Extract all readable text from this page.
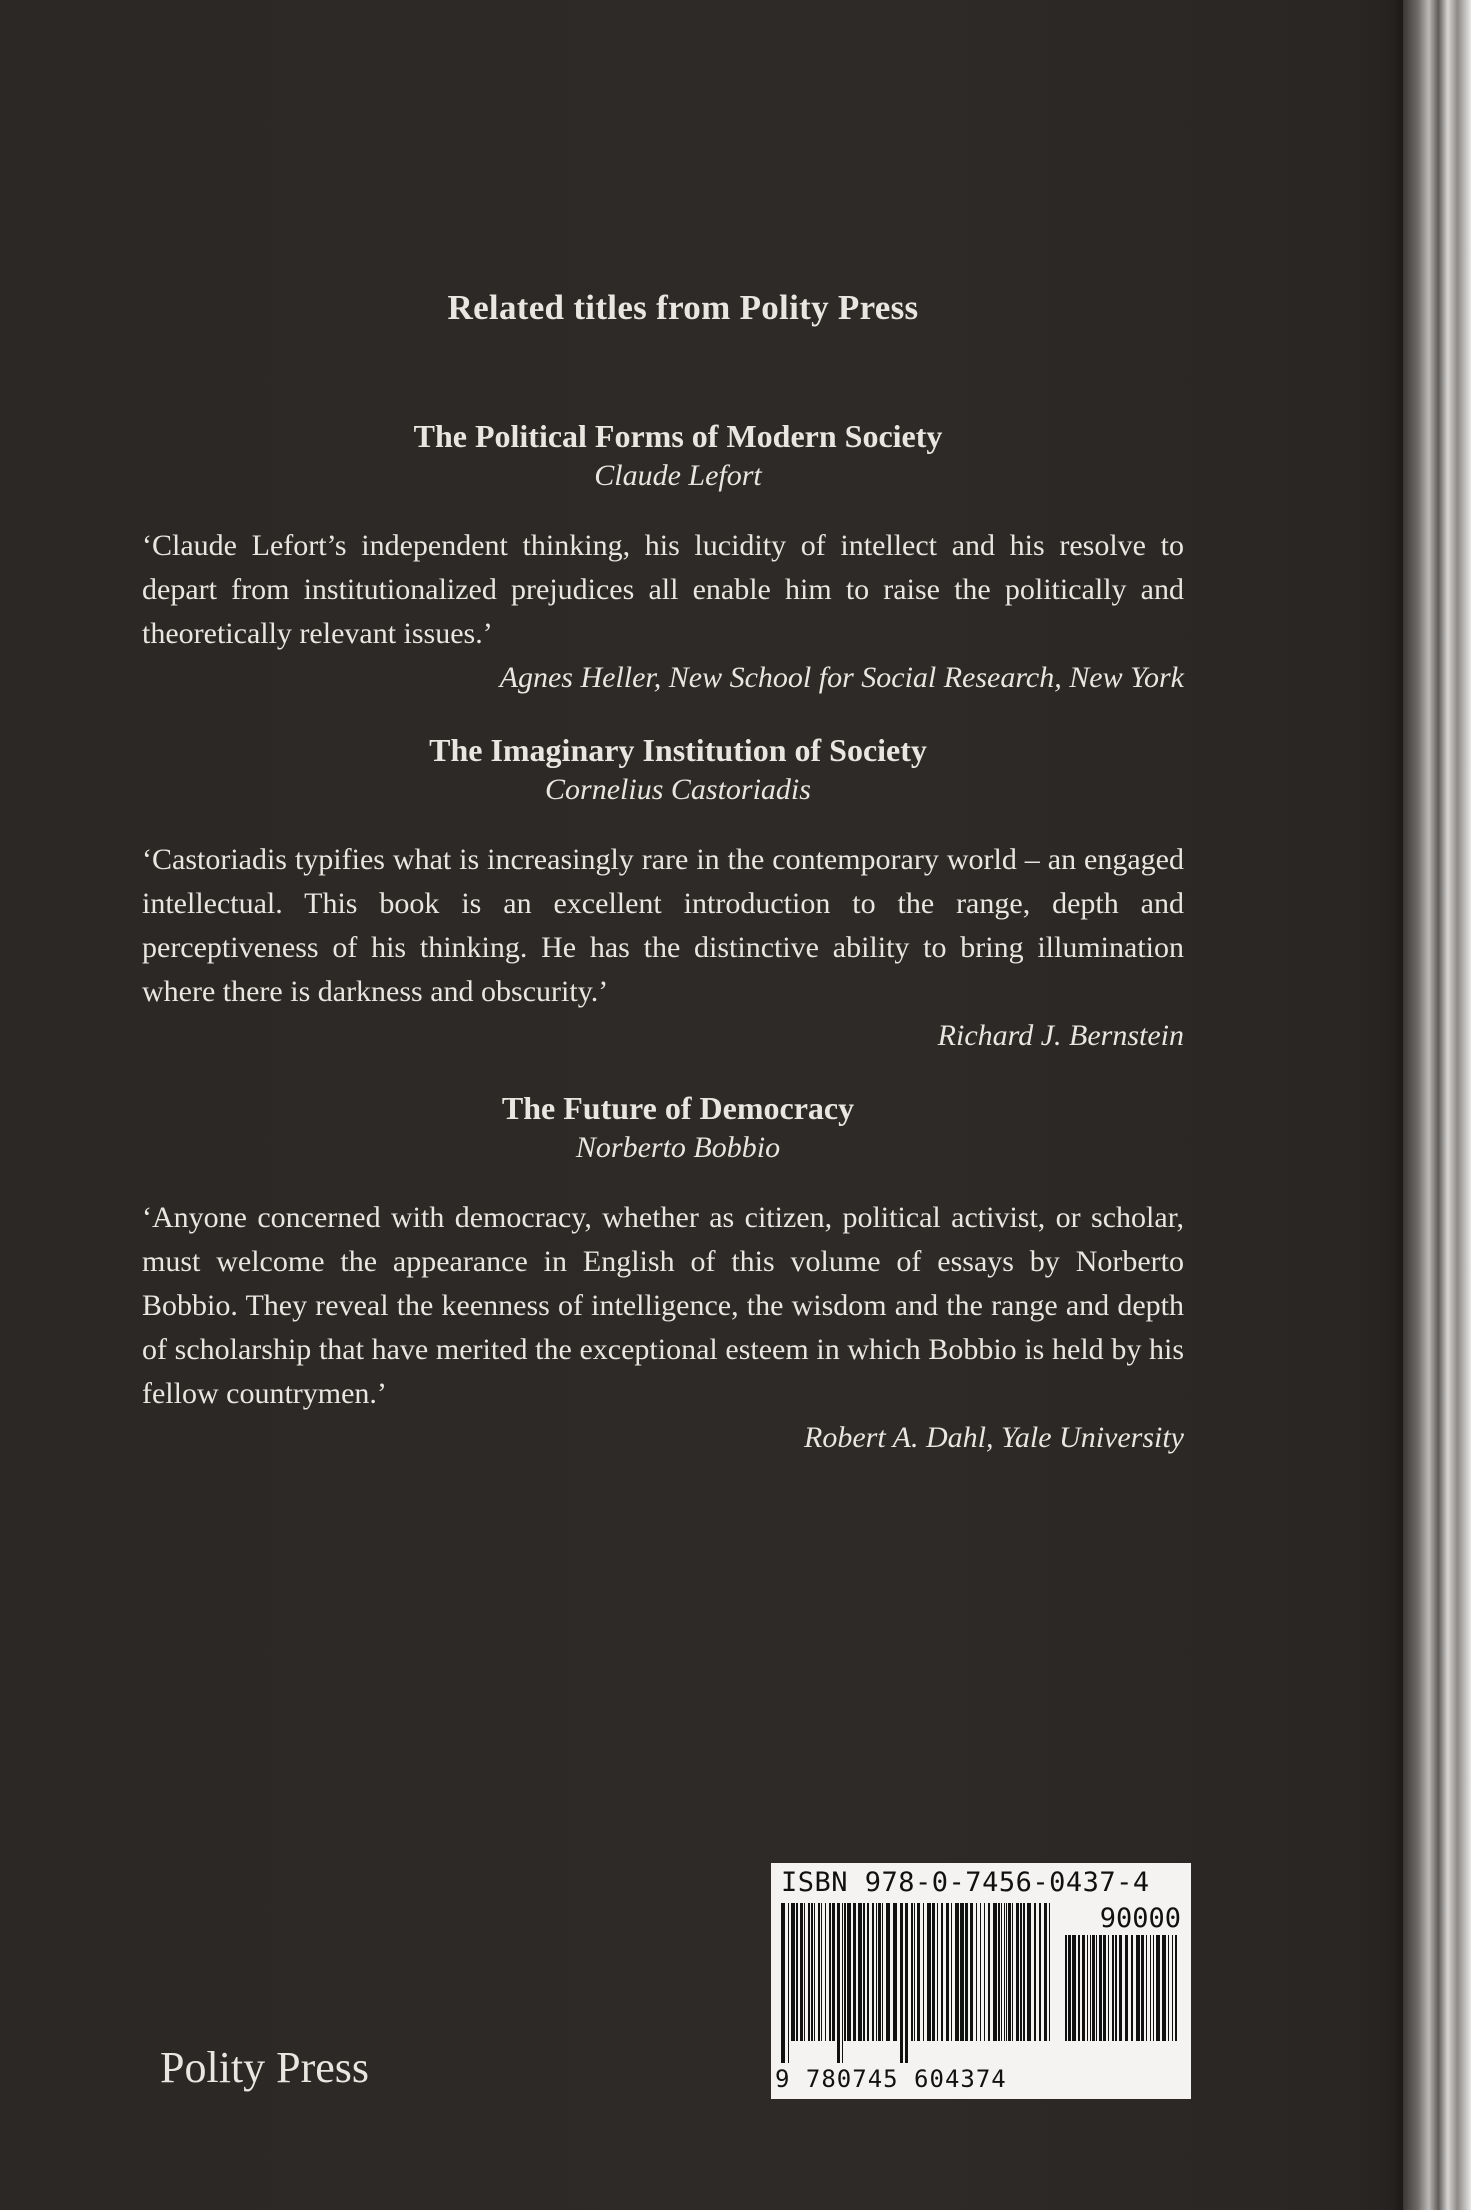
Related titles from Polity Press
The Political Forms of Modern Society
Claude Lefort
‘Claude Lefort’s independent thinking, his lucidity of intellect and his resolve to depart from institutionalized prejudices all enable him to raise the politically and theoretically relevant issues.’
Agnes Heller, New School for Social Research, New York
The Imaginary Institution of Society
Cornelius Castoriadis
‘Castoriadis typifies what is increasingly rare in the contemporary world – an engaged intellectual. This book is an excellent introduction to the range, depth and perceptiveness of his thinking. He has the distinctive ability to bring illumination where there is darkness and obscurity.’
Richard J. Bernstein
The Future of Democracy
Norberto Bobbio
‘Anyone concerned with democracy, whether as citizen, political activist, or scholar, must welcome the appearance in English of this volume of essays by Norberto Bobbio. They reveal the keenness of intelligence, the wisdom and the range and depth of scholarship that have merited the exceptional esteem in which Bobbio is held by his fellow countrymen.’
Robert A. Dahl, Yale University
Polity Press
ISBN 978-0-7456-0437-4
90000
9 780745 604374
